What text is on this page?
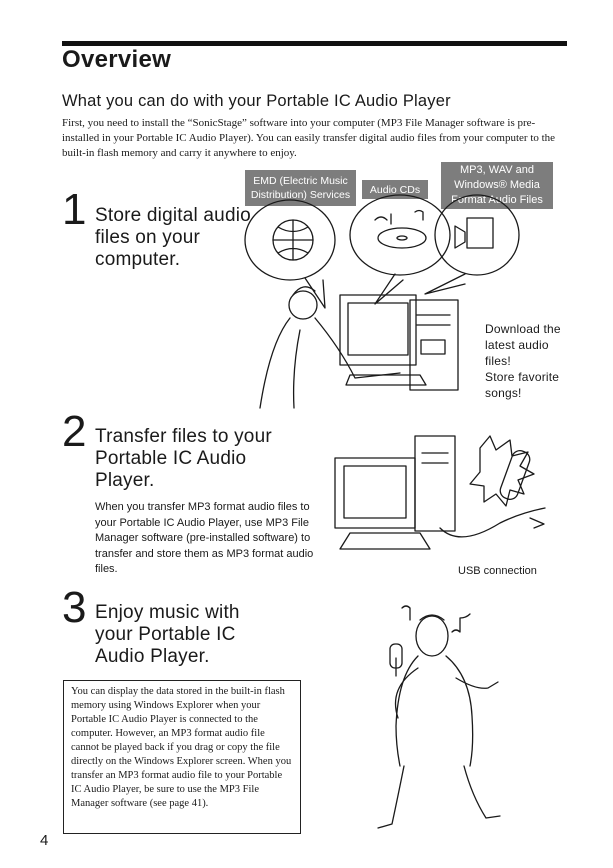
Overview
What you can do with your Portable IC Audio Player
First, you need to install the “SonicStage” software into your computer (MP3 File Manager software is pre-installed in your Portable IC Audio Player). You can easily transfer digital audio files from your computer to the built-in flash memory and carry it anywhere to enjoy.
EMD (Electric Music
Distribution) Services	Audio CDs
MP3, WAV and
Windows® Media
Format Audio Files
1 Store digital audio files on your computer.
Download the
latest audio
files!
Store favorite
songs!
2 Transfer files to your Portable IC Audio Player.
When you transfer MP3 format audio files to your Portable IC Audio Player, use MP3 File Manager software (pre-installed software) to transfer and store them as MP3 format audio files.	USB connection
3 Enjoy music with your Portable IC Audio Player.
You can display the data stored in the built-in flash memory using Windows Explorer when your Portable IC Audio Player is connected to the computer. However, an MP3 format audio file cannot be played back if you drag or copy the file directly on the Windows Explorer screen. When you transfer an MP3 format audio file to your Portable IC Audio Player, be sure to use the MP3 File Manager software (see page 41).
4
